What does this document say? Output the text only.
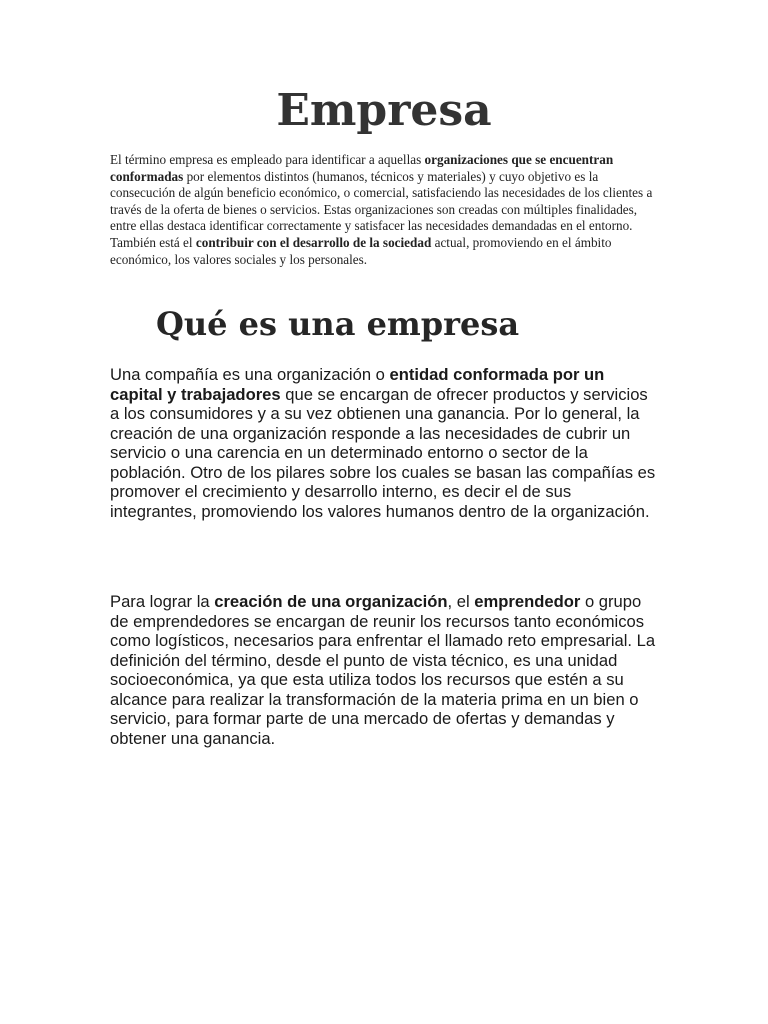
Empresa

El término empresa es empleado para identificar a aquellas organizaciones que se encuentran conformadas por elementos distintos (humanos, técnicos y materiales) y cuyo objetivo es la consecución de algún beneficio económico, o comercial, satisfaciendo las necesidades de los clientes a través de la oferta de bienes o servicios. Estas organizaciones son creadas con múltiples finalidades, entre ellas destaca identificar correctamente y satisfacer las necesidades demandadas en el entorno. También está el contribuir con el desarrollo de la sociedad actual, promoviendo en el ámbito económico, los valores sociales y los personales.

Qué es una empresa

Una compañía es una organización o entidad conformada por un capital y trabajadores que se encargan de ofrecer productos y servicios a los consumidores y a su vez obtienen una ganancia. Por lo general, la creación de una organización responde a las necesidades de cubrir un servicio o una carencia en un determinado entorno o sector de la población. Otro de los pilares sobre los cuales se basan las compañías es promover el crecimiento y desarrollo interno, es decir el de sus integrantes, promoviendo los valores humanos dentro de la organización.

Para lograr la creación de una organización, el emprendedor o grupo de emprendedores se encargan de reunir los recursos tanto económicos como logísticos, necesarios para enfrentar el llamado reto empresarial. La definición del término, desde el punto de vista técnico, es una unidad socioeconómica, ya que esta utiliza todos los recursos que estén a su alcance para realizar la transformación de la materia prima en un bien o servicio, para formar parte de una mercado de ofertas y demandas y obtener una ganancia.
